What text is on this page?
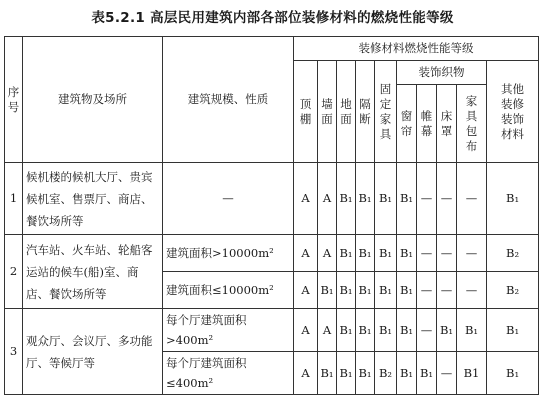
表5.2.1 高层民用建筑内部各部位装修材料的燃烧性能等级
序号	建筑物及场所	建筑规模、性质	装修材料燃烧性能等级									
			顶棚	墙面	地面	隔断	固定家具	装饰织物				其他装修装饰材料
								窗帘	帷幕	床罩	家具包布	
1	候机楼的候机大厅、贵宾候机室、售票厅、商店、餐饮场所等	—	A	A	B₁	B₁	B₁	B₁	—	—	—	B₁
2	汽车站、火车站、轮船客运站的候车(船)室、商店、餐饮场所等	建筑面积>10000m²	A	A	B₁	B₁	B₁	B₁	—	—	—	B₂
		建筑面积≤10000m²	A	B₁	B₁	B₁	B₁	B₁	—	—	—	B₂
3	观众厅、会议厅、多功能厅、等候厅等	每个厅建筑面积>400m²	A	A	B₁	B₁	B₁	B₁	—	B₁	B₁	B₁
		每个厅建筑面积≤400m²	A	B₁	B₁	B₁	B₂	B₁	B₁	—	B1	B₁
